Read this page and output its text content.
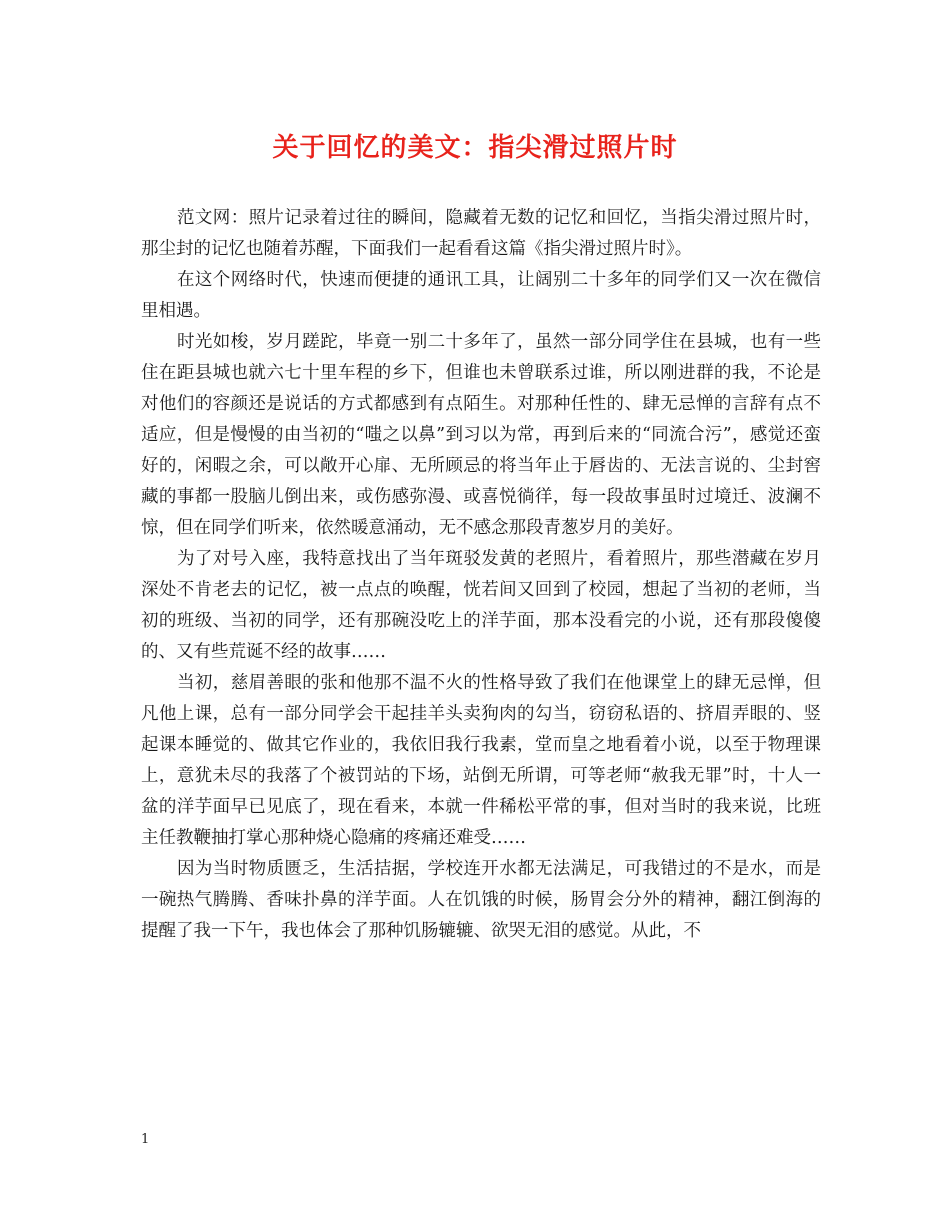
关于回忆的美文：指尖滑过照片时

范文网：照片记录着过往的瞬间，隐藏着无数的记忆和回忆，当指尖滑过照片时，那尘封的记忆也随着苏醒，下面我们一起看看这篇《指尖滑过照片时》。

在这个网络时代，快速而便捷的通讯工具，让阔别二十多年的同学们又一次在微信里相遇。

时光如梭，岁月蹉跎，毕竟一别二十多年了，虽然一部分同学住在县城，也有一些住在距县城也就六七十里车程的乡下，但谁也未曾联系过谁，所以刚进群的我，不论是对他们的容颜还是说话的方式都感到有点陌生。对那种任性的、肆无忌惮的言辞有点不适应，但是慢慢的由当初的“嗤之以鼻”到习以为常，再到后来的“同流合污”，感觉还蛮好的，闲暇之余，可以敞开心扉、无所顾忌的将当年止于唇齿的、无法言说的、尘封窖藏的事都一股脑儿倒出来，或伤感弥漫、或喜悦徜徉，每一段故事虽时过境迁、波澜不惊，但在同学们听来，依然暖意涌动，无不感念那段青葱岁月的美好。

为了对号入座，我特意找出了当年斑驳发黄的老照片，看着照片，那些潜藏在岁月深处不肯老去的记忆，被一点点的唤醒，恍若间又回到了校园，想起了当初的老师，当初的班级、当初的同学，还有那碗没吃上的洋芋面，那本没看完的小说，还有那段傻傻的、又有些荒诞不经的故事……

当初，慈眉善眼的张和他那不温不火的性格导致了我们在他课堂上的肆无忌惮，但凡他上课，总有一部分同学会干起挂羊头卖狗肉的勾当，窃窃私语的、挤眉弄眼的、竖起课本睡觉的、做其它作业的，我依旧我行我素，堂而皇之地看着小说，以至于物理课上，意犹未尽的我落了个被罚站的下场，站倒无所谓，可等老师“赦我无罪”时，十人一盆的洋芋面早已见底了，现在看来，本就一件稀松平常的事，但对当时的我来说，比班主任教鞭抽打掌心那种烧心隐痛的疼痛还难受……

因为当时物质匮乏，生活拮据，学校连开水都无法满足，可我错过的不是水，而是一碗热气腾腾、香味扑鼻的洋芋面。人在饥饿的时候，肠胃会分外的精神，翻江倒海的提醒了我一下午，我也体会了那种饥肠辘辘、欲哭无泪的感觉。从此，不

1
